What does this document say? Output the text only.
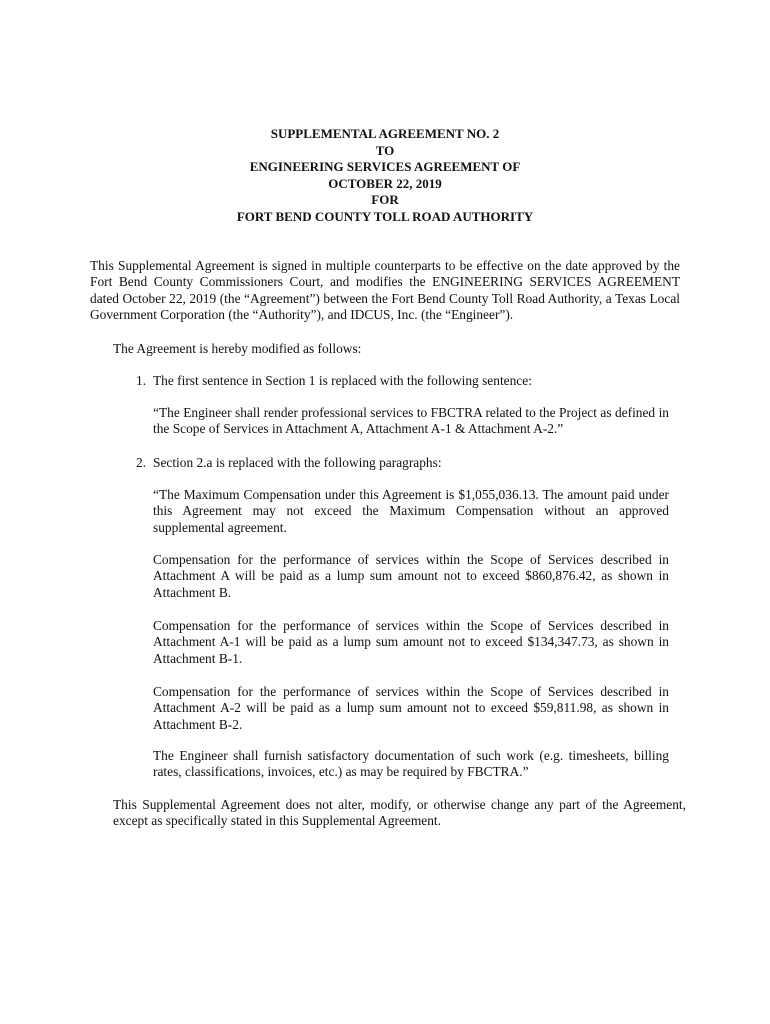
SUPPLEMENTAL AGREEMENT NO. 2
TO
ENGINEERING SERVICES AGREEMENT OF
OCTOBER 22, 2019
FOR
FORT BEND COUNTY TOLL ROAD AUTHORITY

This Supplemental Agreement is signed in multiple counterparts to be effective on the date approved by the Fort Bend County Commissioners Court, and modifies the ENGINEERING SERVICES AGREEMENT dated October 22, 2019 (the “Agreement”) between the Fort Bend County Toll Road Authority, a Texas Local Government Corporation (the “Authority”), and IDCUS, Inc. (the “Engineer”).

The Agreement is hereby modified as follows:

1. The first sentence in Section 1 is replaced with the following sentence:

“The Engineer shall render professional services to FBCTRA related to the Project as defined in the Scope of Services in Attachment A, Attachment A-1 & Attachment A-2.”

2. Section 2.a is replaced with the following paragraphs:

“The Maximum Compensation under this Agreement is $1,055,036.13. The amount paid under this Agreement may not exceed the Maximum Compensation without an approved supplemental agreement.

Compensation for the performance of services within the Scope of Services described in Attachment A will be paid as a lump sum amount not to exceed $860,876.42, as shown in Attachment B.

Compensation for the performance of services within the Scope of Services described in Attachment A-1 will be paid as a lump sum amount not to exceed $134,347.73, as shown in Attachment B-1.

Compensation for the performance of services within the Scope of Services described in Attachment A-2 will be paid as a lump sum amount not to exceed $59,811.98, as shown in Attachment B-2.

The Engineer shall furnish satisfactory documentation of such work (e.g. timesheets, billing rates, classifications, invoices, etc.) as may be required by FBCTRA.”

This Supplemental Agreement does not alter, modify, or otherwise change any part of the Agreement, except as specifically stated in this Supplemental Agreement.
